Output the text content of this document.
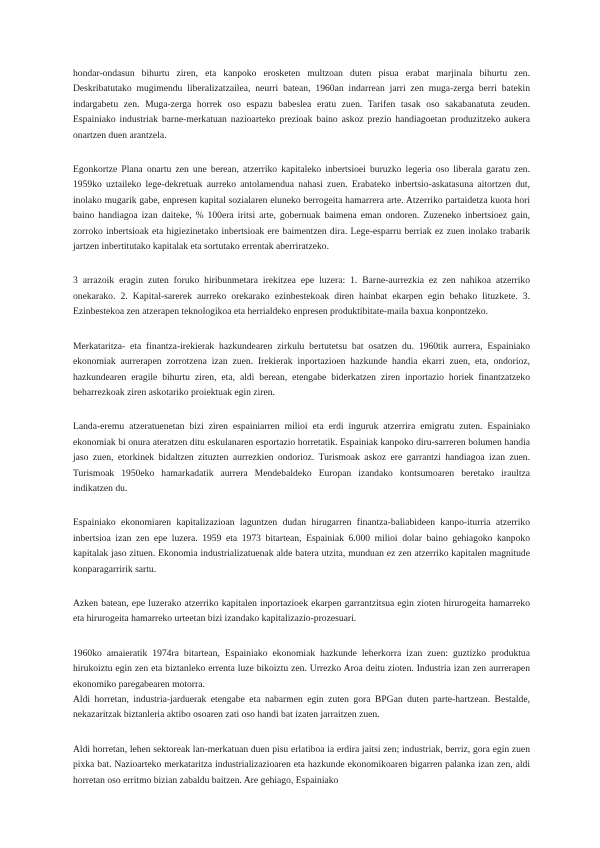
hondar-ondasun bihurtu ziren, eta kanpoko erosketen multzoan duten pisua erabat marjinala bihurtu zen. Deskribatutako mugimendu liberalizatzailea, neurri batean, 1960an indarrean jarri zen muga-zerga berri batekin indargabetu zen. Muga-zerga horrek oso espazu babeslea eratu zuen. Tarifen tasak oso sakabanatuta zeuden. Espainiako industriak barne-merkatuan nazioarteko prezioak baino askoz prezio handiagoetan produzitzeko aukera onartzen duen arantzela.

Egonkortze Plana onartu zen une berean, atzerriko kapitaleko inbertsioei buruzko legeria oso liberala garatu zen. 1959ko uztaileko lege-dekretuak aurreko antolamendua nahasi zuen. Erabateko inbertsio-askatasuna aitortzen dut, inolako mugarik gabe, enpresen kapital sozialaren eluneko berrogeita hamarrera arte. Atzerriko partaidetza kuota hori baino handiagoa izan daiteke, % 100era iritsi arte, gobernuak baimena eman ondoren. Zuzeneko inbertsioez gain, zorroko inbertsioak eta higiezinetako inbertsioak ere baimentzen dira. Lege-esparru berriak ez zuen inolako trabarik jartzen inbertitutako kapitalak eta sortutako errentak aberriratzeko.

3 arrazoik eragin zuten foruko hiribunmetara irekitzea epe luzera: 1. Barne-aurrezkia ez zen nahikoa atzerriko onekarako. 2. Kapital-sarerek aurreko orekarako ezinbestekoak diren hainbat ekarpen egin behako lituzkete. 3. Ezinbestekoa zen atzerapen teknologikoa eta herrialdeko enpresen produktibitate-maila baxua konpontzeko.

Merkataritza- eta finantza-irekierak hazkundearen zirkulu bertutetsu bat osatzen du. 1960tik aurrera, Espainiako ekonomiak aurrerapen zorrotzena izan zuen. Irekierak inportazioen hazkunde handia ekarri zuen, eta, ondorioz, hazkundearen eragile bihurtu ziren, eta, aldi berean, etengabe biderkatzen ziren inportazio horiek finantzatzeko beharrezkoak ziren askotariko proiektuak egin ziren.

Landa-eremu atzeratuenetan bizi ziren espainiarren milioi eta erdi inguruk atzerrira emigratu zuten. Espainiako ekonomiak bi onura ateratzen ditu eskulanaren esportazio horretatik. Espainiak kanpoko diru-sarreren bolumen handia jaso zuen, etorkinek bidaltzen zituzten aurrezkien ondorioz. Turismoak askoz ere garrantzi handiagoa izan zuen. Turismoak 1950eko hamarkadatik aurrera Mendebaldeko Europan izandako kontsumoaren beretako iraultza indikatzen du.

Espainiako ekonomiaren kapitalizazioan laguntzen dudan hirugarren finantza-baliabideen kanpo-iturria atzerriko inbertsioa izan zen epe luzera. 1959 eta 1973 bitartean, Espainiak 6.000 milioi dolar baino gehiagoko kanpoko kapitalak jaso zituen. Ekonomia industrializatuenak alde batera utzita, munduan ez zen atzerriko kapitalen magnitude konparagarririk sartu.

Azken batean, epe luzerako atzerriko kapitalen inportazioek ekarpen garrantzitsua egin zioten hirurogeita hamarreko eta hirurogeita hamarreko urteetan bizi izandako kapitalizazio-prozesuari.

1960ko amaieratik 1974ra bitartean, Espainiako ekonomiak hazkunde leherkorra izan zuen: guztizko produktua hirukoiztu egin zen eta biztanleko errenta luze bikoiztu zen. Urrezko Aroa deitu zioten. Industria izan zen aurrerapen ekonomiko paregabearen motorra.

Aldi horretan, industria-jarduerak etengabe eta nabarmen egin zuten gora BPGan duten parte-hartzean. Bestalde, nekazaritzak biztanleria aktibo osoaren zati oso handi bat izaten jarraitzen zuen.

Aldi horretan, lehen sektoreak lan-merkatuan duen pisu erlatiboa ia erdira jaitsi zen; industriak, berriz, gora egin zuen pixka bat. Nazioarteko merkataritza industrializazioaren eta hazkunde ekonomikoaren bigarren palanka izan zen, aldi horretan oso erritmo bizian zabaldu baitzen. Are gehiago, Espainiako
